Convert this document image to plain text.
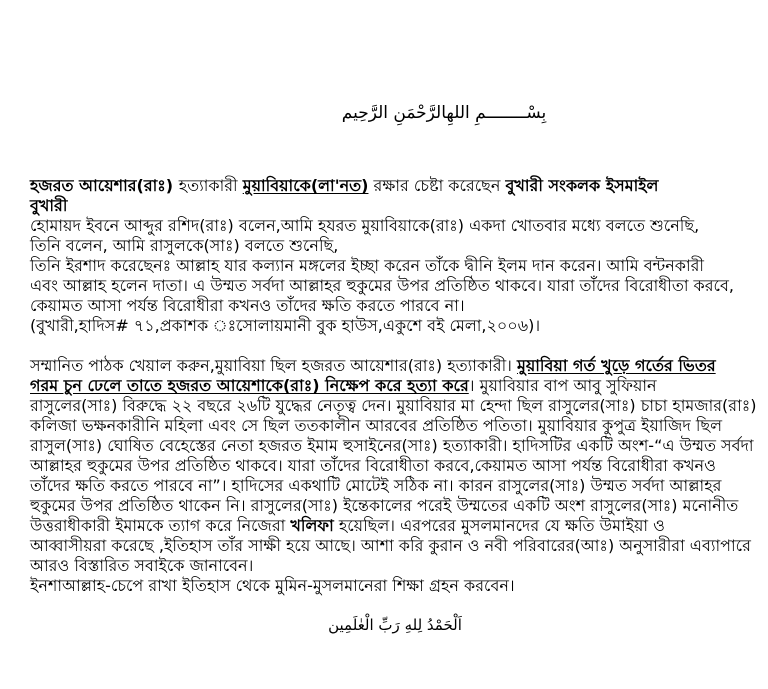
بِسْــــــــمِ اللهِالرَّحْمَنِ الرَّحِيم
হজরত আয়েশার(রাঃ) হত্যাকারী মুয়াবিয়াকে(লা'নত) রক্ষার চেষ্টা করেছেন বুখারী সংকলক ইসমাইল
বুখারী
হোমায়দ ইবনে আব্দুর রশিদ(রাঃ) বলেন,আমি হযরত মুয়াবিয়াকে(রাঃ) একদা খোতবার মধ্যে বলতে শুনেছি,
তিনি বলেন, আমি রাসুলকে(সাঃ) বলতে শুনেছি,
তিনি ইরশাদ করেছেনঃ আল্লাহ যার কল্যান মঙ্গলের ইচ্ছা করেন তাঁকে দ্বীনি ইলম দান করেন। আমি বন্টনকারী
এবং আল্লাহ হলেন দাতা। এ উম্মত সর্বদা আল্লাহর হুকুমের উপর প্রতিষ্ঠিত থাকবে। যারা তাঁদের বিরোধীতা করবে,
কেয়ামত আসা পর্যন্ত বিরোধীরা কখনও তাঁদের ক্ষতি করতে পারবে না।
(বুখারী,হাদিস# ৭১,প্রকাশক ঃসোলায়মানী বুক হাউস,একুশে বই মেলা,২০০৬)।
সম্মানিত পাঠক খেয়াল করুন,মুয়াবিয়া ছিল হজরত আয়েশার(রাঃ) হত্যাকারী। মুয়াবিয়া গর্ত খুড়ে গর্তের ভিতর
গরম চুন ঢেলে তাতে হজরত আয়েশাকে(রাঃ) নিক্ষেপ করে হত্যা করে। মুয়াবিয়ার বাপ আবু সুফিয়ান
রাসুলের(সাঃ) বিরুদ্ধে ২২ বছরে ২৬টি যুদ্ধের নেতৃত্ব দেন। মুয়াবিয়ার মা হেন্দা ছিল রাসুলের(সাঃ) চাচা হামজার(রাঃ)
কলিজা ভক্ষনকারীনি মহিলা এবং সে ছিল ততকালীন আরবের প্রতিষ্ঠিত পতিতা। মুয়াবিয়ার কুপুত্র ইয়াজিদ ছিল
রাসুল(সাঃ) ঘোষিত বেহেস্তের নেতা হজরত ইমাম হুসাইনের(সাঃ) হত্যাকারী। হাদিসটির একটি অংশ-“এ উম্মত সর্বদা
আল্লাহর হুকুমের উপর প্রতিষ্ঠিত থাকবে। যারা তাঁদের বিরোধীতা করবে,কেয়ামত আসা পর্যন্ত বিরোধীরা কখনও
তাঁদের ক্ষতি করতে পারবে না”। হাদিসের একথাটি মোটেই সঠিক না। কারন রাসুলের(সাঃ) উম্মত সর্বদা আল্লাহর
হুকুমের উপর প্রতিষ্ঠিত থাকেন নি। রাসুলের(সাঃ) ইন্তেকালের পরেই উম্মতের একটি অংশ রাসুলের(সাঃ) মনোনীত
উত্তরাধীকারী ইমামকে ত্যাগ করে নিজেরা খলিফা হয়েছিল। এরপরের মুসলমানদের যে ক্ষতি উমাইয়া ও
আব্বাসীয়রা করেছে ,ইতিহাস তাঁর সাক্ষী হয়ে আছে। আশা করি কুরান ও নবী পরিবারের(আঃ) অনুসারীরা এব্যাপারে
আরও বিস্তারিত সবাইকে জানাবেন।
ইনশাআল্লাহ-চেপে রাখা ইতিহাস থেকে মুমিন-মুসলমানেরা শিক্ষা গ্রহন করবেন।
اَلْحَمْدُ لِلهِ رَبِّ الْعٰلَمِين
